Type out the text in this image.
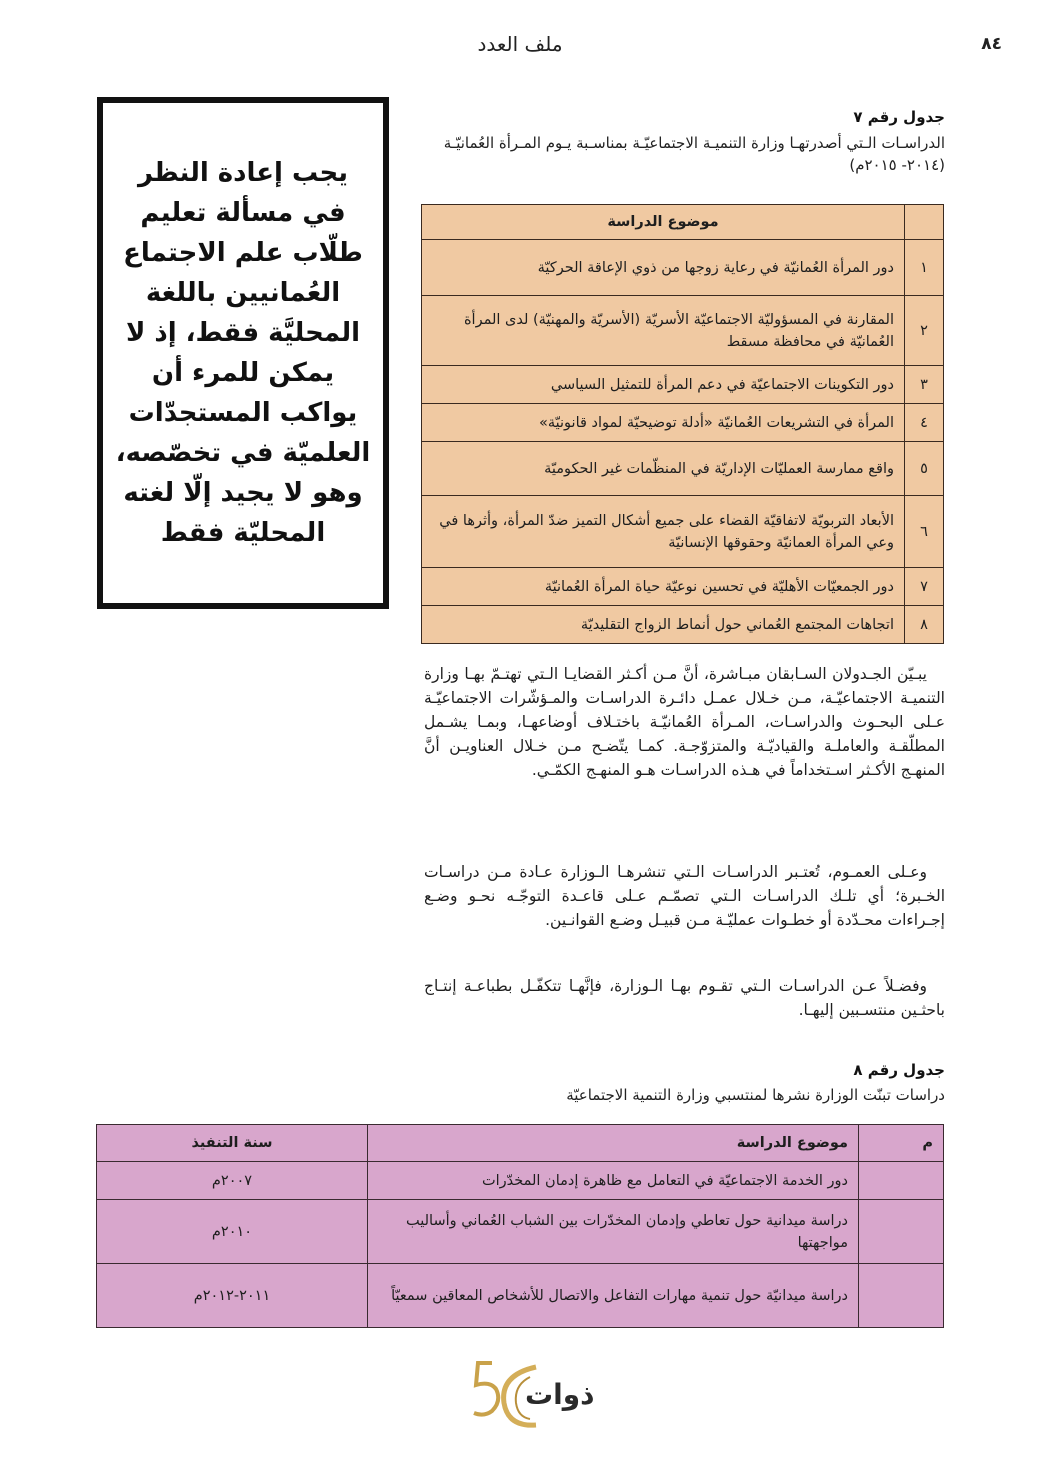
ملف العدد	٨٤
يجب إعادة النظر في مسألة تعليم طلّاب علم الاجتماع العُمانيين باللغة المحليَّة فقط، إذ لا يمكن للمرء أن يواكب المستجدّات العلميّة في تخصّصه، وهو لا يجيد إلّا لغته المحليّة فقط
جدول رقم ٧
الدراسـات الـتي أصدرتهـا وزارة التنميـة الاجتماعيّـة بمناسـبة يـوم المـرأة العُمانيّـة (٢٠١٤- ٢٠١٥م)
	موضوع الدراسة
١	دور المرأة العُمانيّة في رعاية زوجها من ذوي الإعاقة الحركيّة
٢	المقارنة في المسؤوليّة الاجتماعيّة الأسريّة (الأسريّة والمهنيّة) لدى المرأة العُمانيّة في محافظة مسقط
٣	دور التكوينات الاجتماعيّة في دعم المرأة للتمثيل السياسي
٤	المرأة في التشريعات العُمانيّة «أدلة توضيحيّة لمواد قانونيّة»
٥	واقع ممارسة العمليّات الإداريّة في المنظّمات غير الحكوميّة
٦	الأبعاد التربويّة لاتفاقيّة القضاء على جميع أشكال التميز ضدّ المرأة، وأثرها في وعي المرأة العمانيّة وحقوقها الإنسانيّة
٧	دور الجمعيّات الأهليّة في تحسين نوعيّة حياة المرأة العُمانيّة
٨	اتجاهات المجتمع العُماني حول أنماط الزواج التقليديّة

يبـيّن الجـدولان السـابقان مبـاشرة، أنَّ مـن أكـثر القضايـا الـتي تهتـمّ بهـا وزارة التنميـة الاجتماعيّـة، مـن خـلال عمـل دائـرة الدراسـات والمـؤشّرات الاجتماعيّـة عـلى البحـوث والدراسـات، المـرأة العُمانيّـة باختـلاف أوضاعهـا، وبمـا يشـمل المطلّقـة والعاملـة والقياديّـة والمتزوّجـة. كمـا يتّضـح مـن خـلال العناويـن أنَّ المنهـج الأكـثر اسـتخداماً في هـذه الدراسـات هـو المنهـج الكمّـي.

وعـلى العمـوم، تُعتـبر الدراسـات الـتي تنشرهـا الـوزارة عـادة مـن دراسـات الخـبرة؛ أي تلـك الدراسـات الـتي تصمّـم عـلى قاعـدة التوجّـه نحـو وضـع إجـراءات محـدّدة أو خطـوات عمليّـة مـن قبيـل وضـع القوانـين.

وفضـلاً عـن الدراسـات الـتي تقـوم بهـا الـوزارة، فإنَّهـا تتكفّـل بطباعـة إنتـاج باحثـين منتسـبين إليهـا.

جدول رقم ٨
دراسات تبنّت الوزارة نشرها لمنتسبي وزارة التنمية الاجتماعيّة
م	موضوع الدراسة	سنة التنفيذ
	دور الخدمة الاجتماعيّة في التعامل مع ظاهرة إدمان المخدّرات	٢٠٠٧م
	دراسة ميدانية حول تعاطي وإدمان المخدّرات بين الشباب العُماني وأساليب مواجهتها	٢٠١٠م
	دراسة ميدانيّة حول تنمية مهارات التفاعل والاتصال للأشخاص المعاقين سمعيّاً	٢٠١١-٢٠١٢م
ذوات
